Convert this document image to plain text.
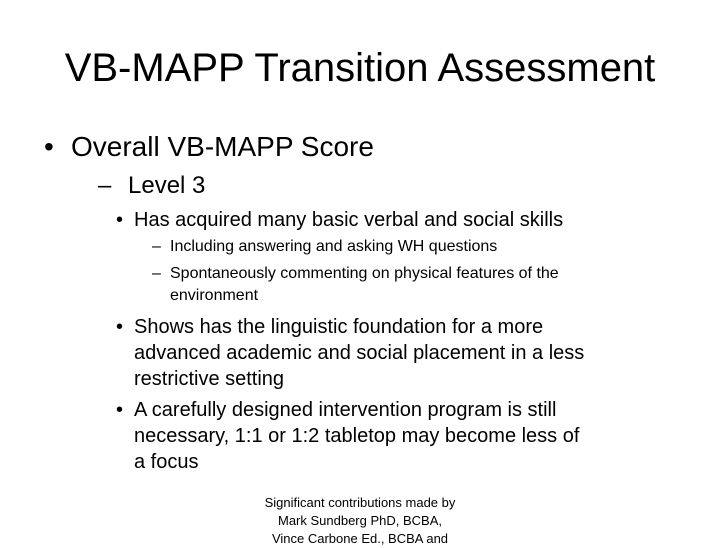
VB-MAPP Transition Assessment
• Overall VB-MAPP Score
– Level 3
• Has acquired many basic verbal and social skills
– Including answering and asking WH questions
– Spontaneously commenting on physical features of the
environment
• Shows has the linguistic foundation for a more
advanced academic and social placement in a less
restrictive setting
• A carefully designed intervention program is still
necessary, 1:1 or 1:2 tabletop may become less of
a focus
Significant contributions made by
Mark Sundberg PhD, BCBA,
Vince Carbone Ed., BCBA and
